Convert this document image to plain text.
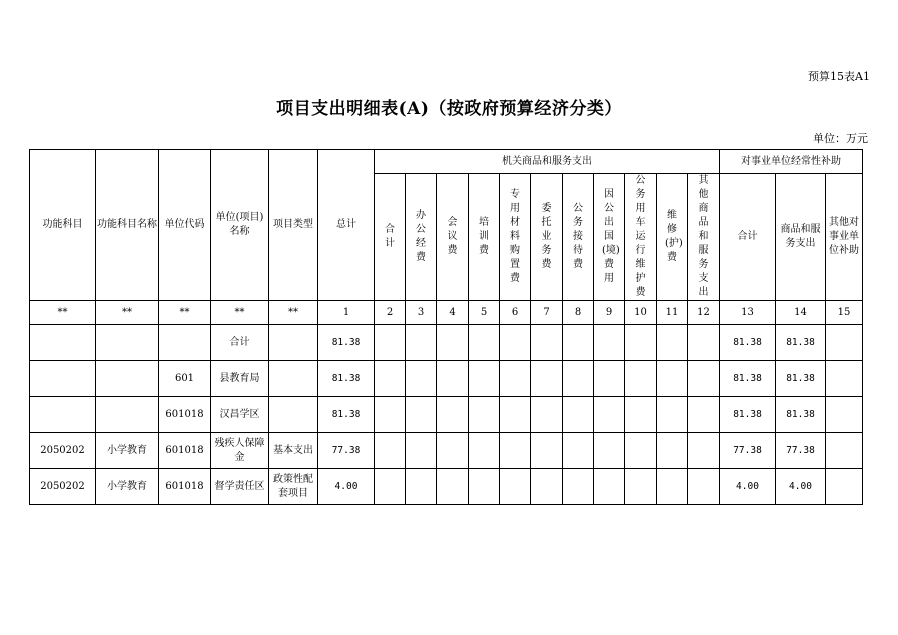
预算15表A1
项目支出明细表(A)（按政府预算经济分类）
单位：万元
功能科目	功能科目名称	单位代码	单位(项目)名称	项目类型	总计	机关商品和服务支出											对事业单位经常性补助		
						合计	办公经费	会议费	培训费	专用材料购置费	委托业务费	公务接待费	因公出国(境)费用	公务用车运行维护费	维修(护)费	其他商品和服务支出	合计	商品和服务支出	其他对事业单位补助
**	**	**	**	**	1	2	3	4	5	6	7	8	9	10	11	12	13	14	15
			合计		81.38												81.38	81.38	
		601	县教育局		81.38												81.38	81.38	
		601018	汉昌学区		81.38												81.38	81.38	
2050202	小学教育	601018	残疾人保障金	基本支出	77.38												77.38	77.38	
2050202	小学教育	601018	督学责任区	政策性配套项目	4.00												4.00	4.00	
